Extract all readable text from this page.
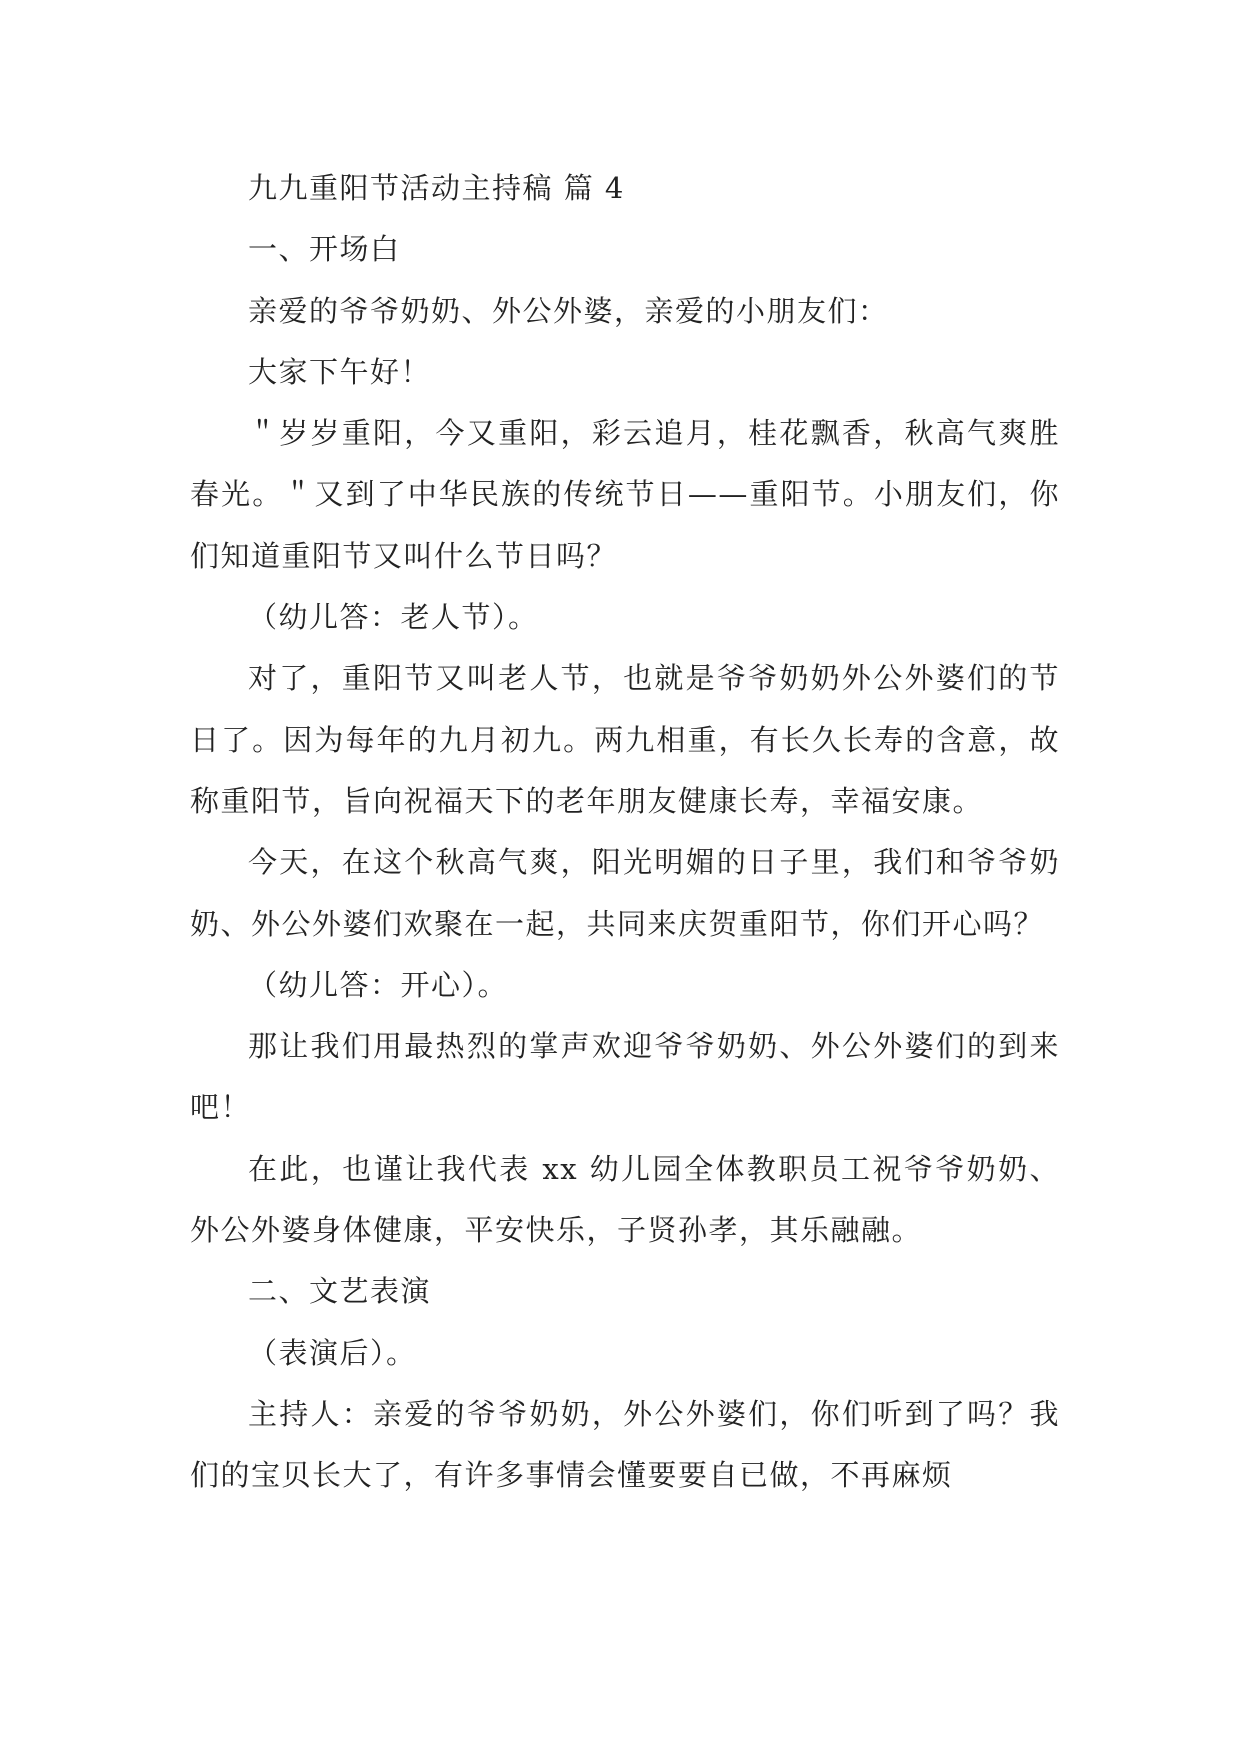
九九重阳节活动主持稿 篇 4

一、开场白

亲爱的爷爷奶奶、外公外婆，亲爱的小朋友们：

大家下午好！

＂岁岁重阳，今又重阳，彩云追月，桂花飘香，秋高气爽胜春光。＂又到了中华民族的传统节日——重阳节。小朋友们，你们知道重阳节又叫什么节日吗？

（幼儿答：老人节）。

对了，重阳节又叫老人节，也就是爷爷奶奶外公外婆们的节日了。因为每年的九月初九。两九相重，有长久长寿的含意，故称重阳节，旨向祝福天下的老年朋友健康长寿，幸福安康。

今天，在这个秋高气爽，阳光明媚的日子里，我们和爷爷奶奶、外公外婆们欢聚在一起，共同来庆贺重阳节，你们开心吗？

（幼儿答：开心）。

那让我们用最热烈的掌声欢迎爷爷奶奶、外公外婆们的到来吧！

在此，也谨让我代表 xx 幼儿园全体教职员工祝爷爷奶奶、外公外婆身体健康，平安快乐，子贤孙孝，其乐融融。

二、文艺表演

（表演后）。

主持人：亲爱的爷爷奶奶，外公外婆们，你们听到了吗？我们的宝贝长大了，有许多事情会懂要要自已做，不再麻烦
